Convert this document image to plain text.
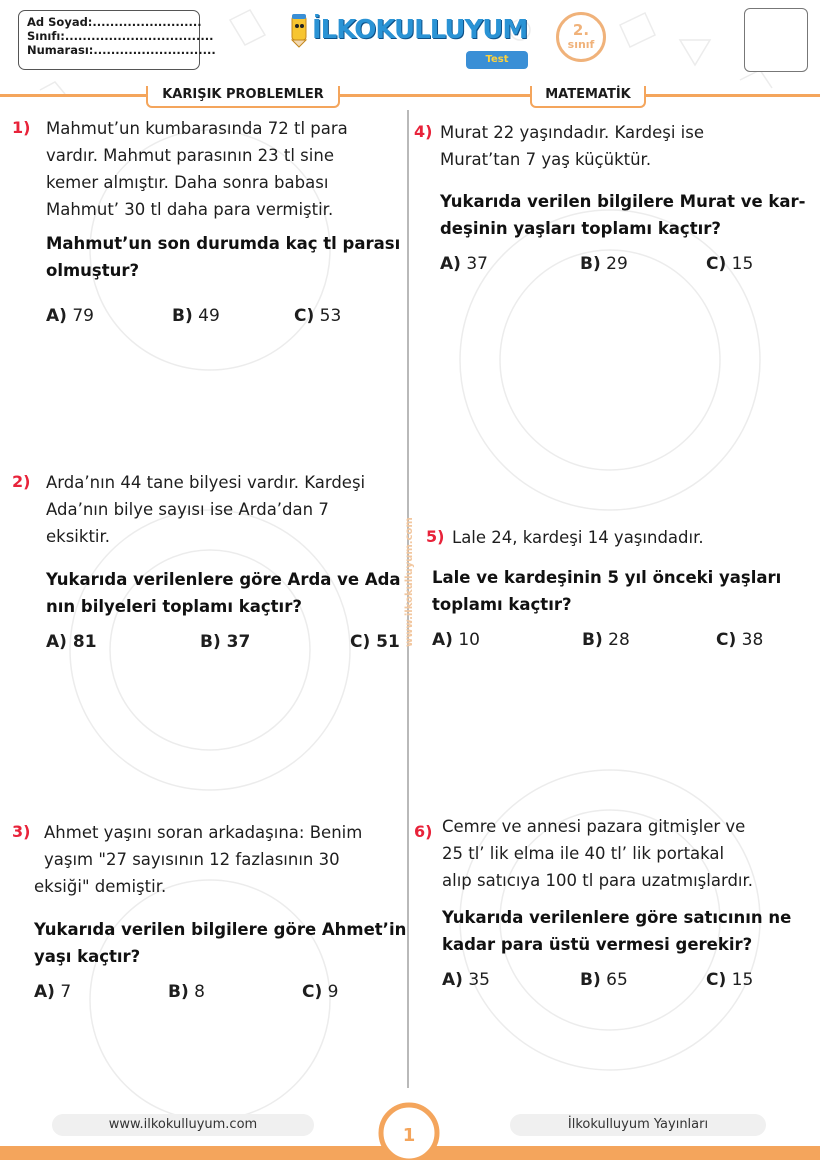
Ad Soyad:.........................
Sınıfı:..................................
Numarası:............................
İLKOKULLUYUM
Test
2.
sınıf
KARIŞIK PROBLEMLER	MATEMATİK
www.ilkokulluyum.com
1) Mahmut’un kumbarasında 72 tl para
vardır. Mahmut parasının 23 tl sine
kemer almıştır. Daha sonra babası
Mahmut’ 30 tl daha para vermiştir.
Mahmut’un son durumda kaç tl parası
olmuştur?
A) 79	B) 49	C) 53
2) Arda’nın 44 tane bilyesi vardır. Kardeşi
Ada’nın bilye sayısı ise Arda’dan 7
eksiktir.
Yukarıda verilenlere göre Arda ve Ada
nın bilyeleri toplamı kaçtır?
A) 81	B) 37	C) 51
3) Ahmet yaşını soran arkadaşına: Benim
yaşım "27 sayısının 12 fazlasının 30
eksiği" demiştir.
Yukarıda verilen bilgilere göre Ahmet’in
yaşı kaçtır?
A) 7	B) 8	C) 9
4) Murat 22 yaşındadır. Kardeşi ise
Murat’tan 7 yaş küçüktür.
Yukarıda verilen bilgilere Murat ve kar-
deşinin yaşları toplamı kaçtır?
A) 37	B) 29	C) 15
5) Lale 24, kardeşi 14 yaşındadır.
Lale ve kardeşinin 5 yıl önceki yaşları
toplamı kaçtır?
A) 10	B) 28	C) 38
6) Cemre ve annesi pazara gitmişler ve
25 tl’ lik elma ile 40 tl’ lik portakal
alıp satıcıya 100 tl para uzatmışlardır.
Yukarıda verilenlere göre satıcının ne
kadar para üstü vermesi gerekir?
A) 35	B) 65	C) 15
www.ilkokulluyum.com	İlkokulluyum Yayınları
1
